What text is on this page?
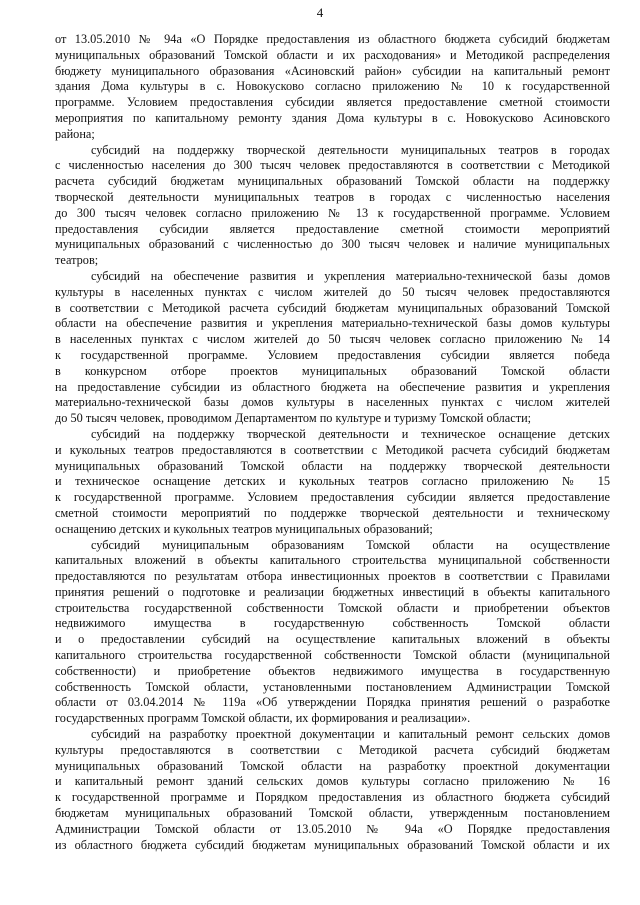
4
от 13.05.2010 № 94а «О Порядке предоставления из областного бюджета субсидий бюджетам
муниципальных образований Томской области и их расходования» и Методикой распределения
бюджету муниципального образования «Асиновский район» субсидии на капитальный ремонт
здания Дома культуры в с. Новокусково согласно приложению № 10 к государственной
программе. Условием предоставления субсидии является предоставление сметной стоимости
мероприятия по капитальному ремонту здания Дома культуры в с. Новокусково Асиновского
района;
субсидий на поддержку творческой деятельности муниципальных театров в городах
с численностью населения до 300 тысяч человек предоставляются в соответствии с Методикой
расчета субсидий бюджетам муниципальных образований Томской области на поддержку
творческой деятельности муниципальных театров в городах с численностью населения
до 300 тысяч человек согласно приложению № 13 к государственной программе. Условием
предоставления субсидии является предоставление сметной стоимости мероприятий
муниципальных образований с численностью до 300 тысяч человек и наличие муниципальных
театров;
субсидий на обеспечение развития и укрепления материально-технической базы домов
культуры в населенных пунктах с числом жителей до 50 тысяч человек предоставляются
в соответствии с Методикой расчета субсидий бюджетам муниципальных образований Томской
области на обеспечение развития и укрепления материально-технической базы домов культуры
в населенных пунктах с числом жителей до 50 тысяч человек согласно приложению № 14
к государственной программе. Условием предоставления субсидии является победа
в конкурсном отборе проектов муниципальных образований Томской области
на предоставление субсидии из областного бюджета на обеспечение развития и укрепления
материально-технической базы домов культуры в населенных пунктах с числом жителей
до 50 тысяч человек, проводимом Департаментом по культуре и туризму Томской области;
субсидий на поддержку творческой деятельности и техническое оснащение детских
и кукольных театров предоставляются в соответствии с Методикой расчета субсидий бюджетам
муниципальных образований Томской области на поддержку творческой деятельности
и техническое оснащение детских и кукольных театров согласно приложению № 15
к государственной программе. Условием предоставления субсидии является предоставление
сметной стоимости мероприятий по поддержке творческой деятельности и техническому
оснащению детских и кукольных театров муниципальных образований;
субсидий муниципальным образованиям Томской области на осуществление
капитальных вложений в объекты капитального строительства муниципальной собственности
предоставляются по результатам отбора инвестиционных проектов в соответствии с Правилами
принятия решений о подготовке и реализации бюджетных инвестиций в объекты капитального
строительства государственной собственности Томской области и приобретении объектов
недвижимого имущества в государственную собственность Томской области
и о предоставлении субсидий на осуществление капитальных вложений в объекты
капитального строительства государственной собственности Томской области (муниципальной
собственности) и приобретение объектов недвижимого имущества в государственную
собственность Томской области, установленными постановлением Администрации Томской
области от 03.04.2014 № 119а «Об утверждении Порядка принятия решений о разработке
государственных программ Томской области, их формирования и реализации».
субсидий на разработку проектной документации и капитальный ремонт сельских домов
культуры предоставляются в соответствии с Методикой расчета субсидий бюджетам
муниципальных образований Томской области на разработку проектной документации
и капитальный ремонт зданий сельских домов культуры согласно приложению № 16
к государственной программе и Порядком предоставления из областного бюджета субсидий
бюджетам муниципальных образований Томской области, утвержденным постановлением
Администрации Томской области от 13.05.2010 № 94а «О Порядке предоставления
из областного бюджета субсидий бюджетам муниципальных образований Томской области и их
